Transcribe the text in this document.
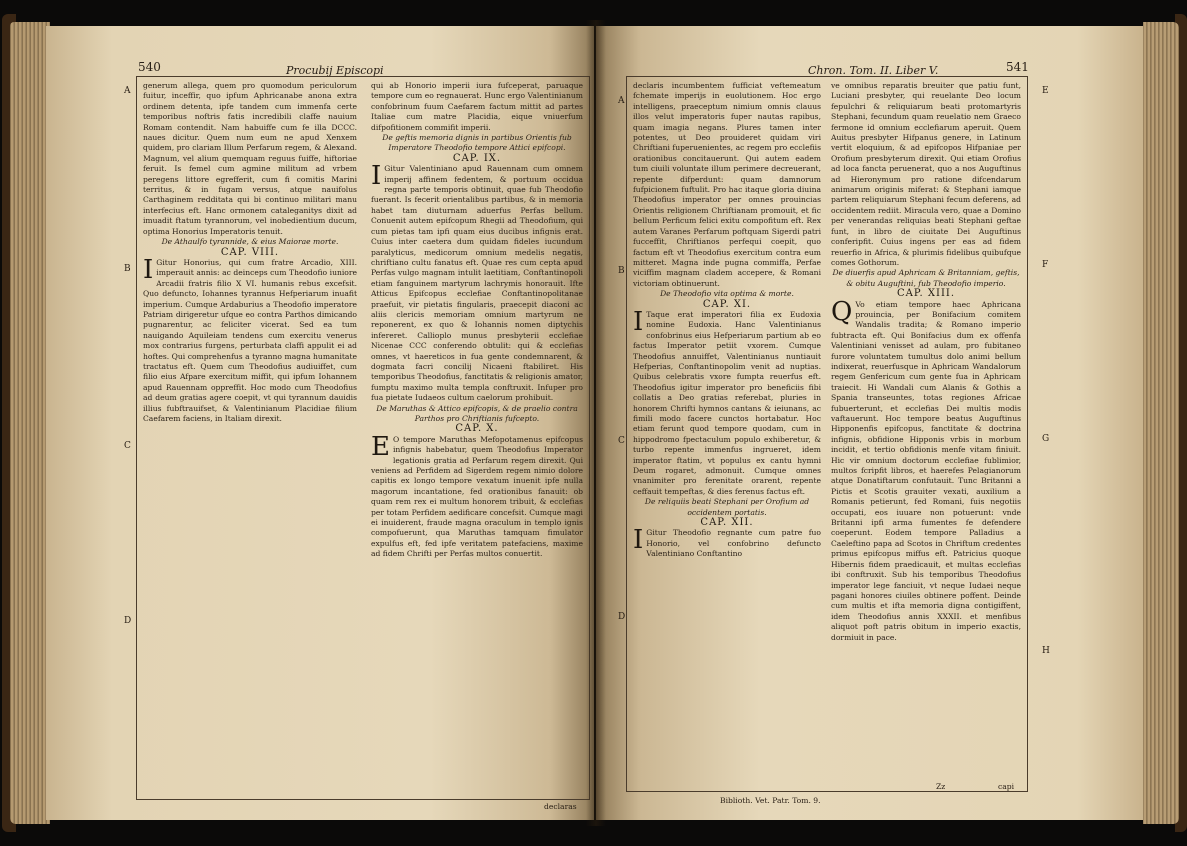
540	Procubij Episcopi

generum allega, quem pro quomodum periculorum fuitur, inceffir, quo ipfum Aphricanabe anona extra ordinem detenta, ipfe tandem cum immenfa certe temporibus noftris fatis incredibili claffe nauium Romam contendit. Nam habuiffe cum fe illa DCCC. naues dicitur. Quem num eum ne apud Xenxem quidem, pro clariam Illum Perfarum regem, & Alexand. Magnum, vel alium quemquam reguus fuiffe, hiftoriae feruit. Is femel cum agmine militum ad vrbem peregens littore egrefferit, cum fi comitis Marini territus, & in fugam versus, atque nauifolus Carthaginem redditata qui bi continuo militari manu interfecius eft. Hanc ormonem cataleganitys dixit ad imuadit ftatum tyrannorum, vel inobedientium ducum, optima Honorius Imperatoris tenuit.

De Athaulfo tyrannide, & eius Maiorae morte.

CAP. VIII.

IGitur Honorius, qui cum fratre Arcadio, XIII. imperauit annis: ac deinceps cum Theodofio iuniore Arcadii fratris filio X VI. humanis rebus excefsit. Quo defuncto, Iohannes tyrannus Hefperiarum inuafit imperium. Cumque Ardaburius a Theodofio imperatore Patriam dirigeretur ufque eo contra Parthos dimicando pugnarentur, ac feliciter vicerat. Sed ea tum nauigando Aquileiam tendens cum exercitu venerus mox contrarius furgens, perturbata claffi appulit ei ad hoftes. Qui comprehenfus a tyranno magna humanitate tractatus eft. Quem cum Theodofius audiuiffet, cum filio eius Afpare exercitum miffit, qui ipfum Iohannem apud Rauennam oppreffit. Hoc modo cum Theodofius ad deum gratias agere coepit, vt qui tyrannum dauidis illius fubftrauifset, & Valentinianum Placidiae filium Caefarem faciens, in Italiam direxit.

qui ab Honorio imperii iura fufceperat, paruaque tempore cum eo regnauerat. Hunc ergo Valentinianum confobrinum fuum Caefarem factum mittit ad partes Italiae cum matre Placidia, eique vniuerfum difpofitionem commifit imperii.

De geftis memoria dignis in partibus Orientis fub Imperatore Theodofio tempore Attici epifcopi.

CAP. IX.

IGitur Valentiniano apud Rauennam cum omnem imperij affinem fedentem, & portuum occidua regna parte temporis obtinuit, quae fub Theodofio fuerant. Is fecerit orientalibus partibus, & in memoria habet tam diuturnam aduerfus Perfas bellum. Conuenit autem epifcopum Rhegii ad Theodofium, qui cum pietas tam ipfi quam eius ducibus infignis erat. Cuius inter caetera dum quidam fideles iucundum paralyticus, medicorum omnium medelis negatis, chriftiano cultu fanatus eft. Quae res cum cepta apud Perfas vulgo magnam intulit laetitiam, Conftantinopoli etiam fanguinem martyrum lachrymis honorauit. Ifte Atticus Epifcopus ecclefiae Conftantinopolitanae praefuit, vir pietatis fingularis, praecepit diaconi ac aliis clericis memoriam omnium martyrum ne reponerent, ex quo & Iohannis nomen diptychis infereret. Callioplo munus presbyterii ecclefiae Nicenae CCC conferendo obtulit: qui & ecclefias omnes, vt haereticos in fua gente condemnarent, & dogmata facri concilij Nicaeni ftabiliret. His temporibus Theodofius, fanctitatis & religionis amator, fumptu maximo multa templa conftruxit. Infuper pro fua pietate Iudaeos cultum caelorum prohibuit.

De Maruthas & Attico epifcopis, & de praelio contra Parthos pro Chriftianis fufcepto.

CAP. X.

EO tempore Maruthas Mefopotamenus epifcopus infignis habebatur, quem Theodofius Imperator legationis gratia ad Perfarum regem direxit. Qui veniens ad Perfidem ad Sigerdem regem nimio dolore capitis ex longo tempore vexatum inuenit ipfe nulla magorum incantatione, fed orationibus fanauit: ob quam rem rex ei multum honorem tribuit, & ecclefias per totam Perfidem aedificare concefsit. Cumque magi ei inuiderent, fraude magna oraculum in templo ignis compofuerunt, qua Maruthas tamquam fimulator expulfus eft, fed ipfe veritatem patefaciens, maxime ad fidem Chrifti per Perfas multos conuertit.

declaras
A
B
C
D
Chron. Tom. II. Liber V.	541

declaris incumbentem fufficiat veftemeatum fchemate imperijs in euolutionem. Hoc ergo intelligens, praeceptum nimium omnis clauus illos velut imperatoris fuper nautas rapibus, quam imagia negans. Plures tamen inter potentes, ut Deo prouideret quidam viri Chriftiani fuperuenientes, ac regem pro ecclefiis orationibus concitauerunt. Qui autem eadem tum ciuili voluntate illum perimere decreuerant, repente difperdunt: quam damnorum fufpicionem fuftulit. Pro hac itaque gloria diuina Theodofius imperator per omnes prouincias Orientis religionem Chriftianam promouit, et fic bellum Perficum felici exitu compofitum eft. Rex autem Varanes Perfarum poftquam Sigerdi patri fucceffit, Chriftianos perfequi coepit, quo factum eft vt Theodofius exercitum contra eum mitteret. Magna inde pugna commiffa, Perfae viciffim magnam cladem accepere, & Romani victoriam obtinuerunt.

De Theodofio vita optima & morte.

CAP. XI.

ITaque erat imperatori filia ex Eudoxia nomine Eudoxia. Hanc Valentinianus confobrinus eius Hefperiarum partium ab eo factus Imperator petiit vxorem. Cumque Theodofius annuiffet, Valentinianus nuntiauit Hefperias, Conftantinopolim venit ad nuptias. Quibus celebratis vxore fumpta reuerfus eft. Theodofius igitur imperator pro beneficiis fibi collatis a Deo gratias referebat, pluries in honorem Chrifti hymnos cantans & ieiunans, ac fimili modo facere cunctos hortabatur. Hoc etiam ferunt quod tempore quodam, cum in hippodromo fpectaculum populo exhiberetur, & turbo repente immenfus ingrueret, idem imperator ftatim, vt populus ex cantu hymni Deum rogaret, admonuit. Cumque omnes vnanimiter pro ferenitate orarent, repente ceffauit tempeftas, & dies ferenus factus eft.

De reliquiis beati Stephani per Orofium ad occidentem portatis.

CAP. XII.

IGitur Theodofio regnante cum patre fuo Honorio, vel confobrino defuncto Valentiniano Conftantino

ve omnibus reparatis breuiter que patiu funt, Luciani presbyter, qui reuelante Deo locum fepulchri & reliquiarum beati protomartyris Stephani, fecundum quam reuelatio nem Graeco fermone id omnium ecclefiarum aperuit. Quem Auitus presbyter Hifpanus genere, in Latinum vertit eloquium, & ad epifcopos Hifpaniae per Orofium presbyterum direxit. Qui etiam Orofius ad loca fancta peruenerat, quo a nos Auguftinus ad Hieronymum pro ratione difcendarum animarum originis miferat: & Stephani iamque partem reliquiarum Stephani fecum deferens, ad occidentem rediit. Miracula vero, quae a Domino per venerandas reliquias beati Stephani geftae funt, in libro de ciuitate Dei Auguftinus conferipfit. Cuius ingens per eas ad fidem reuerfio in Africa, & plurimis fidelibus quibufque comes Gothorum.

De diuerfis apud Aphricam & Britanniam, geftis, & obitu Auguftini, fub Theodofio imperio.

CAP. XIII.

QVo etiam tempore haec Aphricana prouincia, per Bonifacium comitem Wandalis tradita; & Romano imperio fubtracta eft. Qui Bonifacius dum ex offenfa Valentiniani venisset ad aulam, pro fubitaneo furore voluntatem tumultus dolo animi bellum indixerat, reuerfusque in Aphricam Wandalorum regem Genfericum cum gente fua in Aphricam traiecit. Hi Wandali cum Alanis & Gothis a Spania transeuntes, totas regiones Africae fubuerterunt, et ecclefias Dei multis modis vaftauerunt. Hoc tempore beatus Auguftinus Hipponenfis epifcopus, fanctitate & doctrina infignis, obfidione Hipponis vrbis in morbum incidit, et tertio obfidionis menfe vitam finiuit. Hic vir omnium doctorum ecclefiae fublimior, multos fcripfit libros, et haerefes Pelagianorum atque Donatiftarum confutauit. Tunc Britanni a Pictis et Scotis grauiter vexati, auxilium a Romanis petierunt, fed Romani, fuis negotiis occupati, eos iuuare non potuerunt: vnde Britanni ipfi arma fumentes fe defendere coeperunt. Eodem tempore Palladius a Caeleftino papa ad Scotos in Chriftum credentes primus epifcopus miffus eft. Patricius quoque Hibernis fidem praedicauit, et multas ecclefias ibi conftruxit. Sub his temporibus Theodofius imperator lege fanciuit, vt neque Iudaei neque pagani honores ciuiles obtinere poffent. Deinde cum multis et ifta memoria digna contigiffent, idem Theodofius annis XXXII. et menfibus aliquot poft patris obitum in imperio exactis, dormiuit in pace.

Biblioth. Vet. Patr. Tom. 9.
Zz	capi
A
B
C
D
E
F
G
H
